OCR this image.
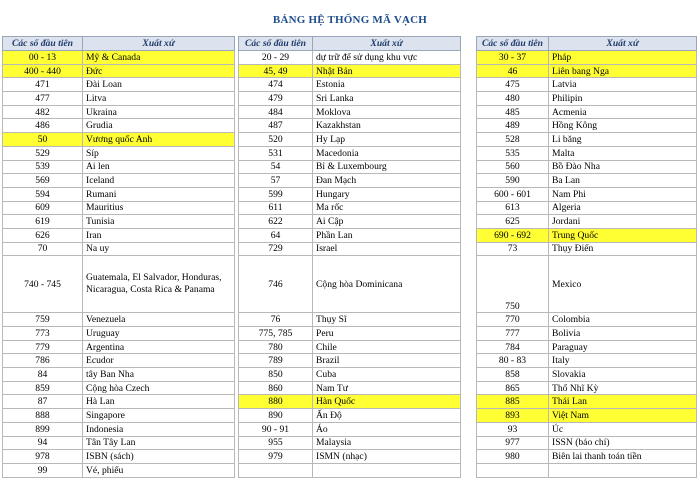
BẢNG HỆ THỐNG MÃ VẠCH
Các số đầu tiên	Xuất xứ
00 - 13	Mỹ & Canada
400 - 440	Đức
471	Đài Loan
477	Litva
482	Ukraina
486	Grudia
50	Vương quốc Anh
529	Síp
539	Ai len
569	Iceland
594	Rumani
609	Mauritius
619	Tunisia
626	Iran
70	Na uy
740 - 745	Guatemala, El Salvador, Honduras, Nicaragua, Costa Rica & Panama
759	Venezuela
773	Uruguay
779	Argentina
786	Ecudor
84	tây Ban Nha
859	Cộng hòa Czech
87	Hà Lan
888	Singapore
899	Indonesia
94	Tân Tây Lan
978	ISBN (sách)
99	Vé, phiếu
Các số đầu tiên	Xuất xứ
20 - 29	dự trữ để sử dụng khu vực
45, 49	Nhật Bản
474	Estonia
479	Sri Lanka
484	Moklova
487	Kazakhstan
520	Hy Lạp
531	Macedonia
54	Bỉ & Luxembourg
57	Đan Mạch
599	Hungary
611	Ma rốc
622	Ai Cập
64	Phần Lan
729	Israel
746	Cộng hòa Dominicana
76	Thụy Sĩ
775, 785	Peru
780	Chile
789	Brazil
850	Cuba
860	Nam Tư
880	Hàn Quốc
890	Ấn Độ
90 - 91	Áo
955	Malaysia
979	ISMN (nhạc)

Các số đầu tiên	Xuất xứ
30 - 37	Pháp
46	Liên bang Nga
475	Latvia
480	Philipin
485	Acmenia
489	Hồng Kông
528	Li băng
535	Malta
560	Bồ Đào Nha
590	Ba Lan
600 - 601	Nam Phi
613	Algeria
625	Jordani
690 - 692	Trung Quốc
73	Thụy Điển
750	Mexico
770	Colombia
777	Bolivia
784	Paraguay
80 - 83	Italy
858	Slovakia
865	Thổ Nhĩ Kỳ
885	Thái Lan
893	Việt Nam
93	Úc
977	ISSN (báo chí)
980	Biên lai thanh toán tiền
